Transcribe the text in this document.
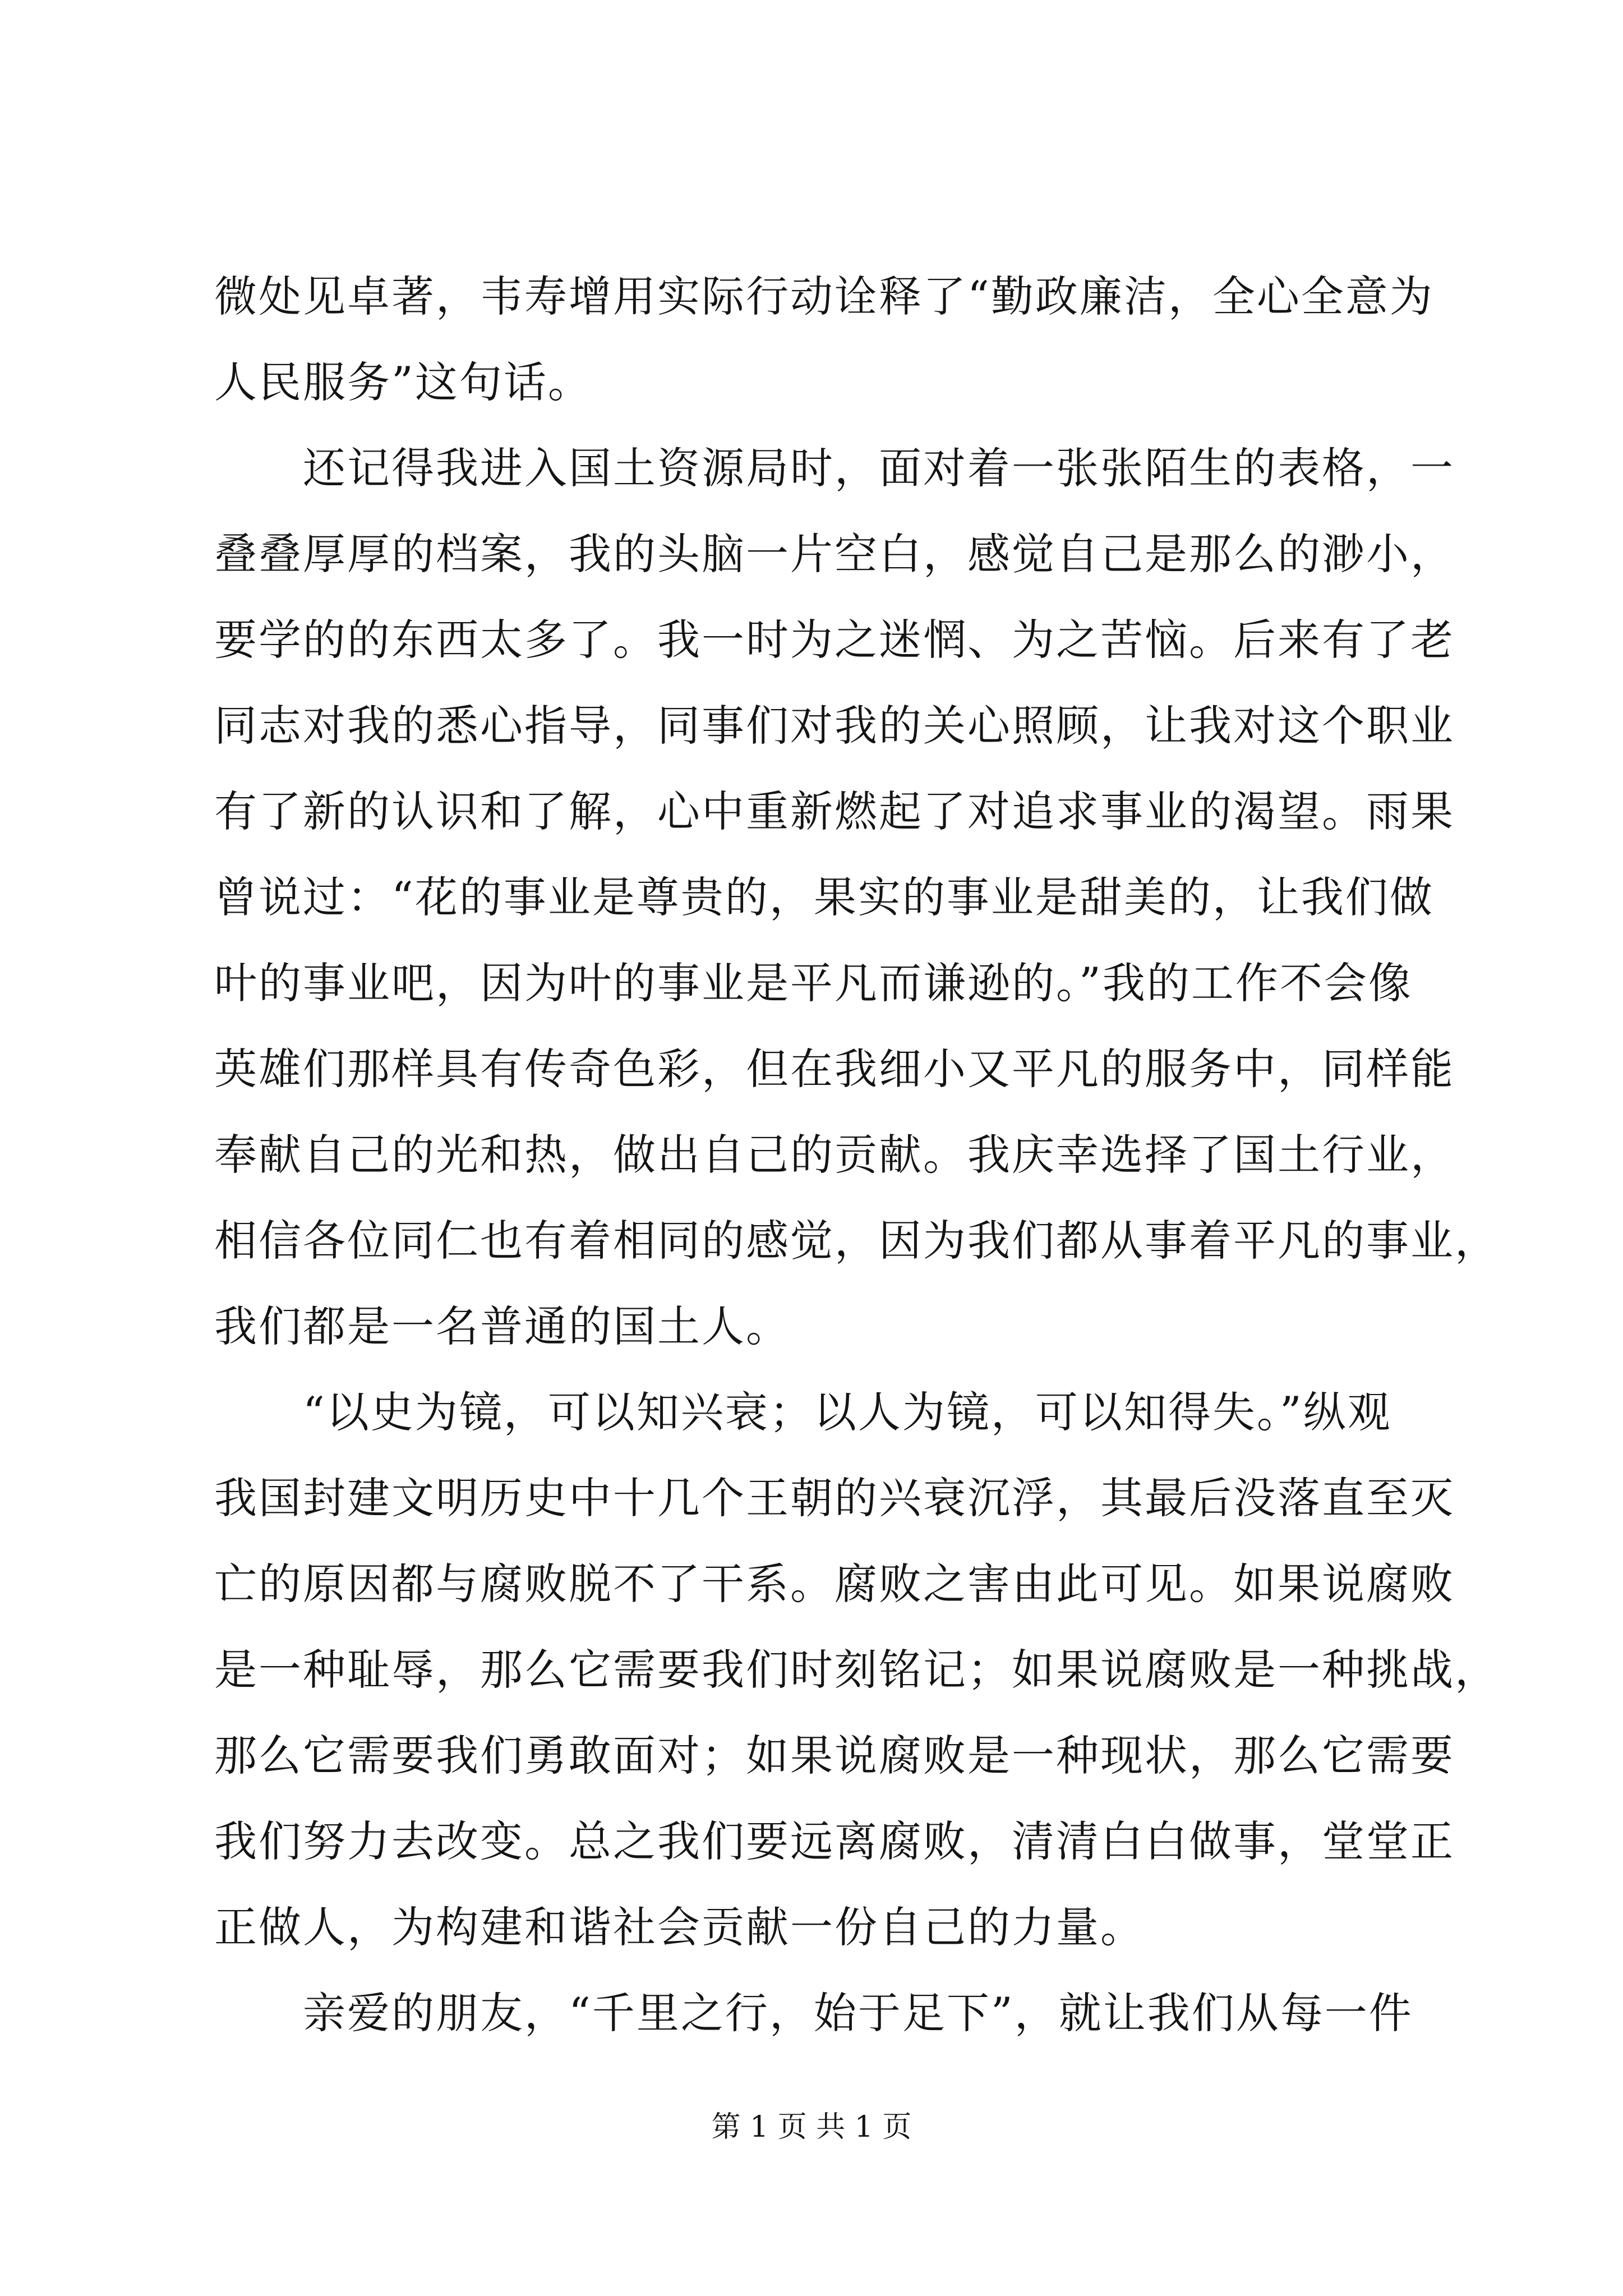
微处见卓著，韦寿增用实际行动诠释了“勤政廉洁，全心全意为
人民服务”这句话。
　　还记得我进入国土资源局时，面对着一张张陌生的表格，一
叠叠厚厚的档案，我的头脑一片空白，感觉自己是那么的渺小，
要学的的东西太多了。我一时为之迷惘、为之苦恼。后来有了老
同志对我的悉心指导，同事们对我的关心照顾，让我对这个职业
有了新的认识和了解，心中重新燃起了对追求事业的渴望。雨果
曾说过：“花的事业是尊贵的，果实的事业是甜美的，让我们做
叶的事业吧，因为叶的事业是平凡而谦逊的。”我的工作不会像
英雄们那样具有传奇色彩，但在我细小又平凡的服务中，同样能
奉献自己的光和热，做出自己的贡献。我庆幸选择了国土行业，
相信各位同仁也有着相同的感觉，因为我们都从事着平凡的事业，
我们都是一名普通的国土人。
　　“以史为镜，可以知兴衰；以人为镜，可以知得失。”纵观
我国封建文明历史中十几个王朝的兴衰沉浮，其最后没落直至灭
亡的原因都与腐败脱不了干系。腐败之害由此可见。如果说腐败
是一种耻辱，那么它需要我们时刻铭记；如果说腐败是一种挑战，
那么它需要我们勇敢面对；如果说腐败是一种现状，那么它需要
我们努力去改变。总之我们要远离腐败，清清白白做事，堂堂正
正做人，为构建和谐社会贡献一份自己的力量。
　　亲爱的朋友，“千里之行，始于足下”，就让我们从每一件
第 1 页 共 1 页
